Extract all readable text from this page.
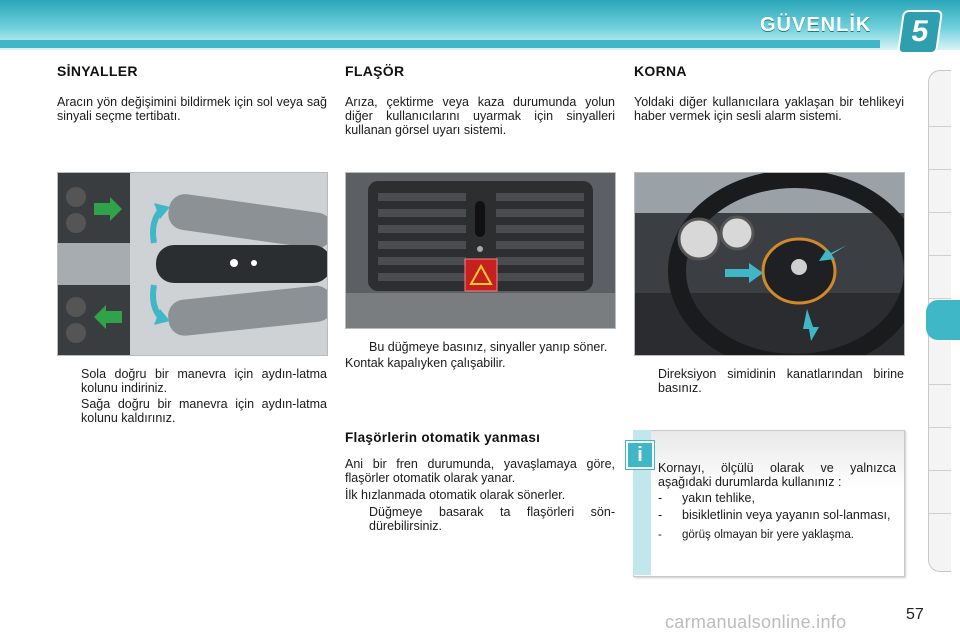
GÜVENLİK	5
SİNYALLER

Aracın yön değişimini bildirmek için sol veya sağ sinyali seçme tertibatı.

Sola doğru bir manevra için aydın-latma kolunu indiriniz.
Sağa doğru bir manevra için aydın-latma kolunu kaldırınız.
FLAŞÖR

Arıza, çektirme veya kaza durumunda yolun diğer kullanıcılarını uyarmak için sinyalleri kullanan görsel uyarı sistemi.

Bu düğmeye basınız, sinyaller yanıp söner.

Kontak kapalıyken çalışabilir.

Flaşörlerin otomatik yanması

Ani bir fren durumunda, yavaşlamaya göre, flaşörler otomatik olarak yanar.

İlk hızlanmada otomatik olarak sönerler.

Düğmeye basarak ta flaşörleri sön-dürebilirsiniz.
KORNA

Yoldaki diğer kullanıcılara yaklaşan bir tehlikeyi haber vermek için sesli alarm sistemi.

Direksiyon simidinin kanatlarından birine basınız.
i

Kornayı, ölçülü olarak ve yalnızca aşağıdaki durumlarda kullanınız :

-	yakın tehlike,
-	bisikletlinin veya yayanın sol-lanması,
-	görüş olmayan bir yere yaklaşma.
carmanualsonline.info	57
